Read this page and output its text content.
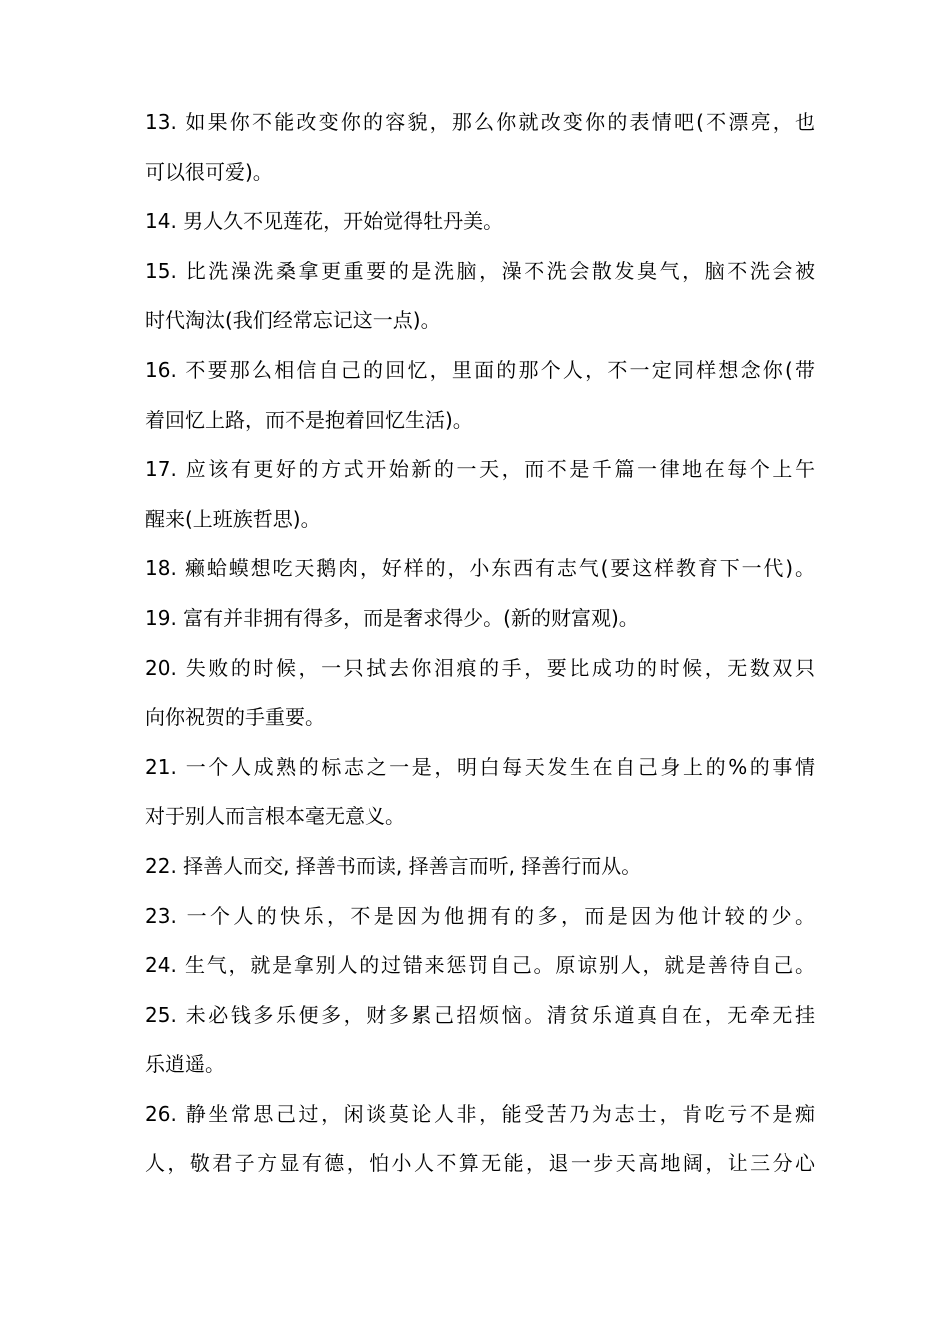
13. 如果你不能改变你的容貌，那么你就改变你的表情吧(不漂亮，也
可以很可爱)。
14. 男人久不见莲花，开始觉得牡丹美。
15. 比洗澡洗桑拿更重要的是洗脑，澡不洗会散发臭气，脑不洗会被
时代淘汰(我们经常忘记这一点)。
16. 不要那么相信自己的回忆，里面的那个人，不一定同样想念你(带
着回忆上路，而不是抱着回忆生活)。
17. 应该有更好的方式开始新的一天，而不是千篇一律地在每个上午
醒来(上班族哲思)。
18. 癞蛤蟆想吃天鹅肉，好样的，小东西有志气(要这样教育下一代)。
19. 富有并非拥有得多，而是奢求得少。(新的财富观)。
20. 失败的时候，一只拭去你泪痕的手，要比成功的时候，无数双只
向你祝贺的手重要。
21. 一个人成熟的标志之一是，明白每天发生在自己身上的%的事情
对于别人而言根本毫无意义。
22. 择善人而交, 择善书而读, 择善言而听, 择善行而从。
23. 一个人的快乐，不是因为他拥有的多，而是因为他计较的少。
24. 生气，就是拿别人的过错来惩罚自己。原谅别人，就是善待自己。
25. 未必钱多乐便多，财多累己招烦恼。清贫乐道真自在，无牵无挂
乐逍遥。
26. 静坐常思己过，闲谈莫论人非，能受苦乃为志士，肯吃亏不是痴
人，敬君子方显有德，怕小人不算无能，退一步天高地阔，让三分心
